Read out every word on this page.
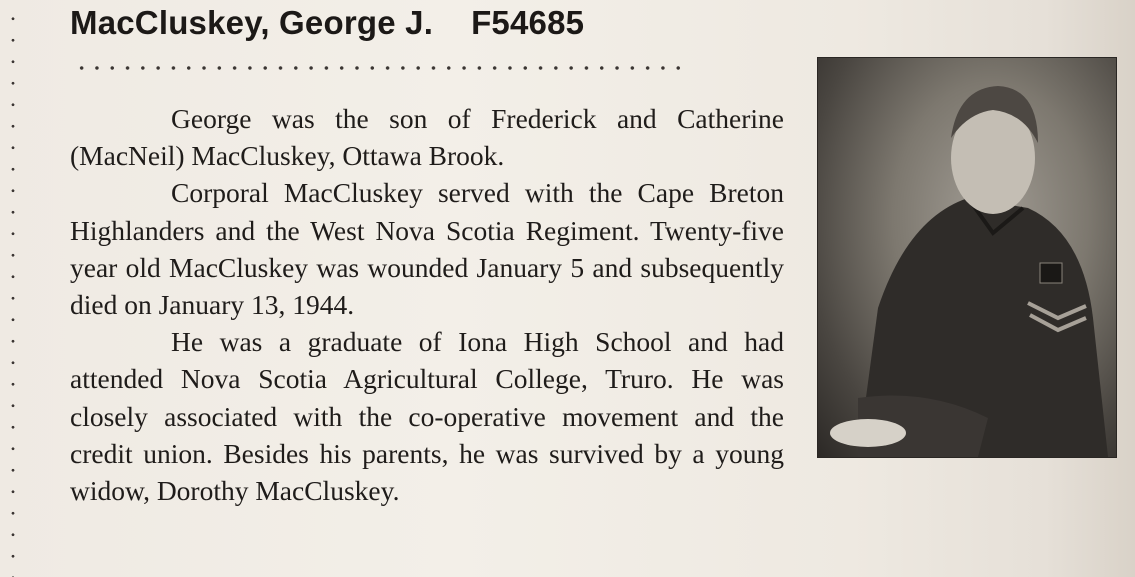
MacCluskey, George J. F54685

George was the son of Frederick and Catherine (MacNeil) MacCluskey, Ottawa Brook.

Corporal MacCluskey served with the Cape Breton Highlanders and the West Nova Scotia Regiment. Twenty-five year old MacCluskey was wounded January 5 and subsequently died on January 13, 1944.

He was a graduate of Iona High School and had attended Nova Scotia Agricultural College, Truro. He was closely associated with the co-operative movement and the credit union. Besides his parents, he was survived by a young widow, Dorothy MacCluskey.
